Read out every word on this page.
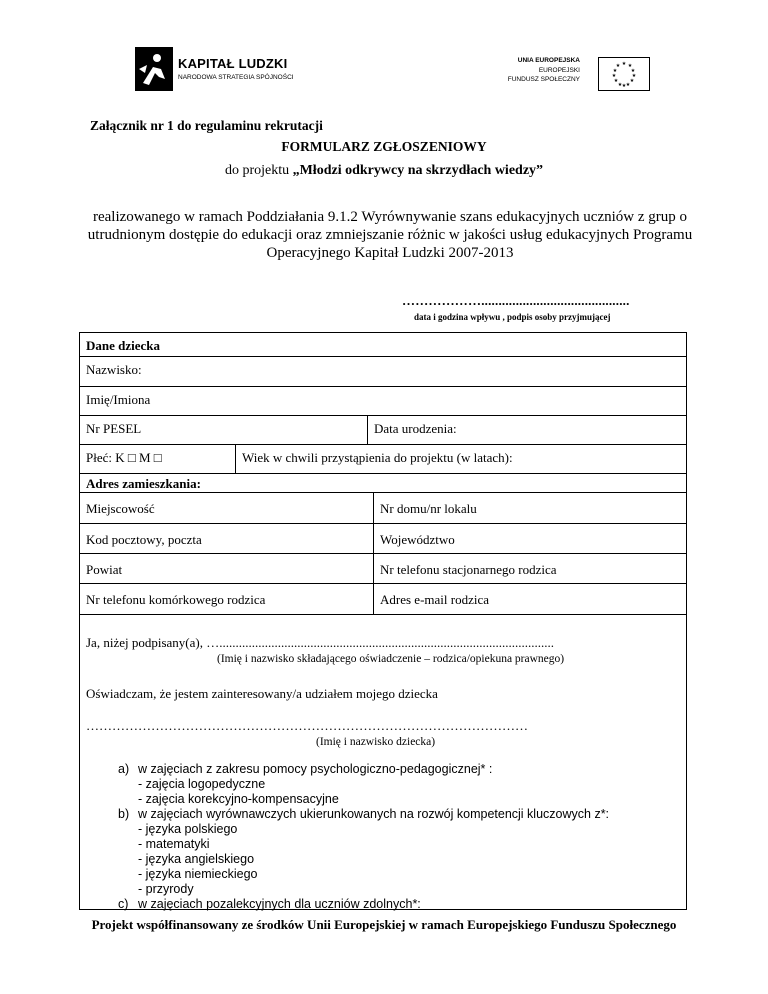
KAPITAŁ LUDZKI
NARODOWA STRATEGIA SPÓJNOŚCI
UNIA EUROPEJSKA
EUROPEJSKI
FUNDUSZ SPOŁECZNY
★ ★
★
★
★
★
★
★
★
★
★
★
Załącznik nr 1 do regulaminu rekrutacji
FORMULARZ ZGŁOSZENIOWY
do projektu „Młodzi odkrywcy na skrzydłach wiedzy”
realizowanego w ramach Poddziałania 9.1.2 Wyrównywanie szans edukacyjnych uczniów z grup o utrudnionym dostępie do edukacji oraz zmniejszanie różnic w jakości usług edukacyjnych Programu Operacyjnego Kapitał Ludzki 2007-2013
………………...........................................
data i godzina wpływu , podpis osoby przyjmującej
Dane dziecka
Nazwisko:
Imię/Imiona
Nr PESEL	Data urodzenia:
Płeć: K □ M □	Wiek w chwili przystąpienia do projektu (w latach):
Adres zamieszkania:
Miejscowość	Nr domu/nr lokalu
Kod pocztowy, poczta	Województwo
Powiat	Nr telefonu stacjonarnego rodzica
Nr telefonu komórkowego rodzica	Adres e-mail rodzica
Ja, niżej podpisany(a), ….......................................................................................................
(Imię i nazwisko składającego oświadczenie – rodzica/opiekuna prawnego)
Oświadczam, że jestem zainteresowany/a udziałem mojego dziecka
…………………………………………………………………………………………
(Imię i nazwisko dziecka)
a) w zajęciach z zakresu pomocy psychologiczno-pedagogicznej* :
- zajęcia logopedyczne
- zajęcia korekcyjno-kompensacyjne
b) w zajęciach wyrównawczych ukierunkowanych na rozwój kompetencji kluczowych z*:
- języka polskiego
- matematyki
- języka angielskiego
- języka niemieckiego
- przyrody
c) w zajęciach pozalekcyjnych dla uczniów zdolnych*:
Projekt współfinansowany ze środków Unii Europejskiej w ramach Europejskiego Funduszu Społecznego
